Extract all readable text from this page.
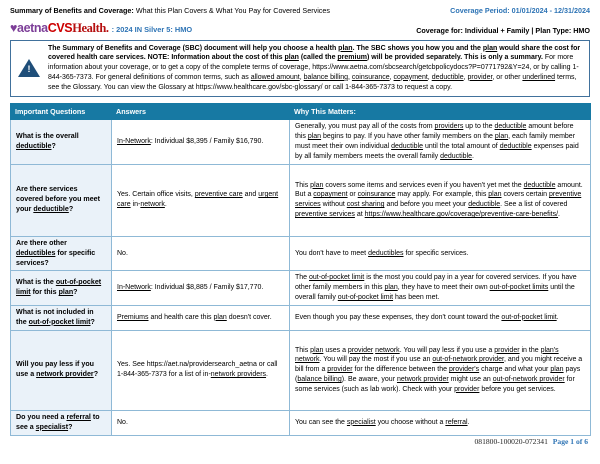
Summary of Benefits and Coverage: What this Plan Covers & What You Pay for Covered Services	Coverage Period: 01/01/2024 - 12/31/2024
♥aetnaCVSHealth. : 2024 IN Silver 5: HMO	Coverage for: Individual + Family | Plan Type: HMO
!
The Summary of Benefits and Coverage (SBC) document will help you choose a health plan. The SBC shows you how you and the plan would share the cost for covered health care services. NOTE: Information about the cost of this plan (called the premium) will be provided separately. This is only a summary. For more information about your coverage, or to get a copy of the complete terms of coverage, https://www.aetna.com/sbcsearch/getcbpolicydocs?P=0771792&Y=24, or by calling 1-844-365-7373. For general definitions of common terms, such as allowed amount, balance billing, coinsurance, copayment, deductible, provider, or other underlined terms, see the Glossary. You can view the Glossary at https://www.healthcare.gov/sbc-glossary/ or call 1-844-365-7373 to request a copy.
Important Questions	Answers	Why This Matters:
What is the overall deductible?	In-Network: Individual $8,395 / Family $16,790.	Generally, you must pay all of the costs from providers up to the deductible amount before this plan begins to pay. If you have other family members on the plan, each family member must meet their own individual deductible until the total amount of deductible expenses paid by all family members meets the overall family deductible.
Are there services covered before you meet your deductible?	Yes. Certain office visits, preventive care and urgent care in-network.	This plan covers some items and services even if you haven't yet met the deductible amount. But a copayment or coinsurance may apply. For example, this plan covers certain preventive services without cost sharing and before you meet your deductible. See a list of covered preventive services at https://www.healthcare.gov/coverage/preventive-care-benefits/.
Are there other deductibles for specific services?	No.	You don't have to meet deductibles for specific services.
What is the out-of-pocket limit for this plan?	In-Network: Individual $8,885 / Family $17,770.	The out-of-pocket limit is the most you could pay in a year for covered services. If you have other family members in this plan, they have to meet their own out-of-pocket limits until the overall family out-of-pocket limit has been met.
What is not included in the out-of-pocket limit?	Premiums and health care this plan doesn't cover.	Even though you pay these expenses, they don't count toward the out-of-pocket limit.
Will you pay less if you use a network provider?	Yes. See https://aet.na/providersearch_aetna or call 1-844-365-7373 for a list of in-network providers.	This plan uses a provider network. You will pay less if you use a provider in the plan's network. You will pay the most if you use an out-of-network provider, and you might receive a bill from a provider for the difference between the provider's charge and what your plan pays (balance billing). Be aware, your network provider might use an out-of-network provider for some services (such as lab work). Check with your provider before you get services.
Do you need a referral to see a specialist?	No.	You can see the specialist you choose without a referral.
081800-100020-072341 Page 1 of 6
